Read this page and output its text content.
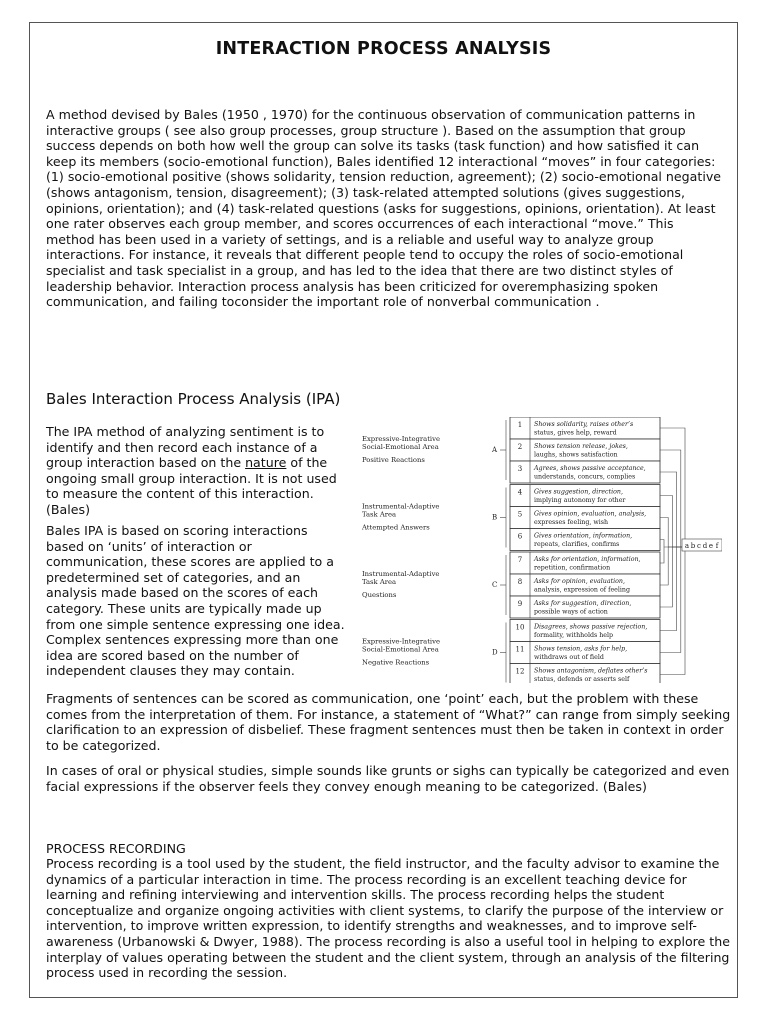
INTERACTION PROCESS ANALYSIS

A method devised by Bales (1950 , 1970) for the continuous observation of communication patterns in interactive groups ( see also group processes, group structure ). Based on the assumption that group success depends on both how well the group can solve its tasks (task function) and how satisfied it can keep its members (socio-emotional function), Bales identified 12 interactional “moves” in four categories: (1) socio-emotional positive (shows solidarity, tension reduction, agreement); (2) socio-emotional negative (shows antagonism, tension, disagreement); (3) task-related attempted solutions (gives suggestions, opinions, orientation); and (4) task-related questions (asks for suggestions, opinions, orientation). At least one rater observes each group member, and scores occurrences of each interactional “move.” This method has been used in a variety of settings, and is a reliable and useful way to analyze group interactions. For instance, it reveals that different people tend to occupy the roles of socio-emotional specialist and task specialist in a group, and has led to the idea that there are two distinct styles of leadership behavior. Interaction process analysis has been criticized for overemphasizing spoken communication, and failing toconsider the important role of nonverbal communication .

Bales Interaction Process Analysis (IPA)

The IPA method of analyzing sentiment is to identify and then record each instance of a group interaction based on the nature of the ongoing small group interaction. It is not used to measure the content of this interaction. (Bales)

Bales IPA is based on scoring interactions based on ‘units’ of interaction or communication, these scores are applied to a predetermined set of categories, and an analysis made based on the scores of each category. These units are typically made up from one simple sentence expressing one idea. Complex sentences expressing more than one idea are scored based on the number of independent clauses they may contain.

1 Shows solidarity, raises other’s
status, gives help, reward
2 Shows tension release, jokes,
laughs, shows satisfaction
3 Agrees, shows passive acceptance,
understands, concurs, complies
4 Gives suggestion, direction,
implying autonomy for other
5 Gives opinion, evaluation, analysis,
expresses feeling, wish
6 Gives orientation, information,
repeats, clarifies, confirms
7 Asks for orientation, information,
repetition, confirmation
8 Asks for opinion, evaluation,
analysis, expression of feeling
9 Asks for suggestion, direction,
possible ways of action
10 Disagrees, shows passive rejection,
formality, withholds help
11 Shows tension, asks for help,
withdraws out of field
12 Shows antagonism, deflates other’s
status, defends or asserts self
Expressive-Integrative
Social-Emotional Area
Positive Reactions
A
Instrumental-Adaptive
Task Area
Attempted Answers
B
Instrumental-Adaptive
Task Area
Questions
C
Expressive-Integrative
Social-Emotional Area
Negative Reactions
D
a b c d e f

Fragments of sentences can be scored as communication, one ‘point’ each, but the problem with these comes from the interpretation of them. For instance, a statement of “What?” can range from simply seeking clarification to an expression of disbelief. These fragment sentences must then be taken in context in order to be categorized.

In cases of oral or physical studies, simple sounds like grunts or sighs can typically be categorized and even facial expressions if the observer feels they convey enough meaning to be categorized. (Bales)

PROCESS RECORDING

Process recording is a tool used by the student, the field instructor, and the faculty advisor to examine the dynamics of a particular interaction in time. The process recording is an excellent teaching device for learning and refining interviewing and intervention skills. The process recording helps the student conceptualize and organize ongoing activities with client systems, to clarify the purpose of the interview or intervention, to improve written expression, to identify strengths and weaknesses, and to improve self-awareness (Urbanowski & Dwyer, 1988). The process recording is also a useful tool in helping to explore the interplay of values operating between the student and the client system, through an analysis of the filtering process used in recording the session.
